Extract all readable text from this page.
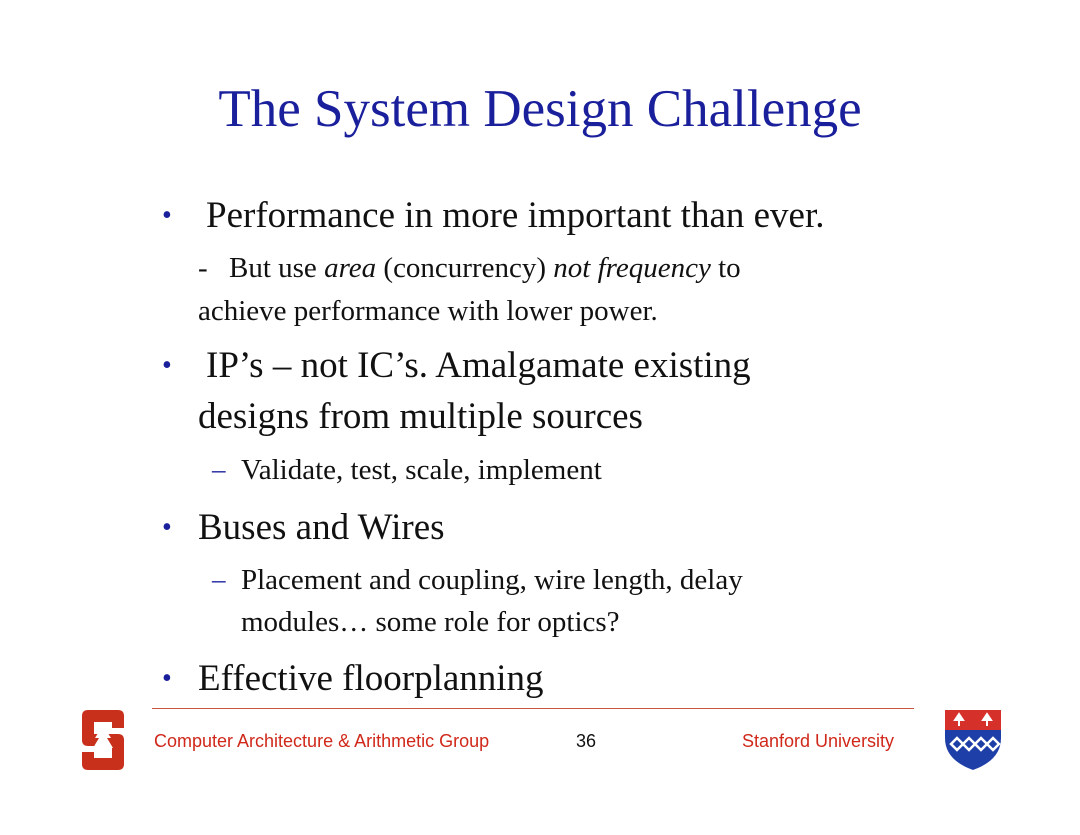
The System Design Challenge
• Performance in more important than ever.
- But use area (concurrency) not frequency to
achieve performance with lower power.
• IP’s – not IC’s. Amalgamate existing
designs from multiple sources
– Validate, test, scale, implement
• Buses and Wires
– Placement and coupling, wire length, delay
modules… some role for optics?
• Effective floorplanning
Computer Architecture & Arithmetic Group	36	Stanford University
